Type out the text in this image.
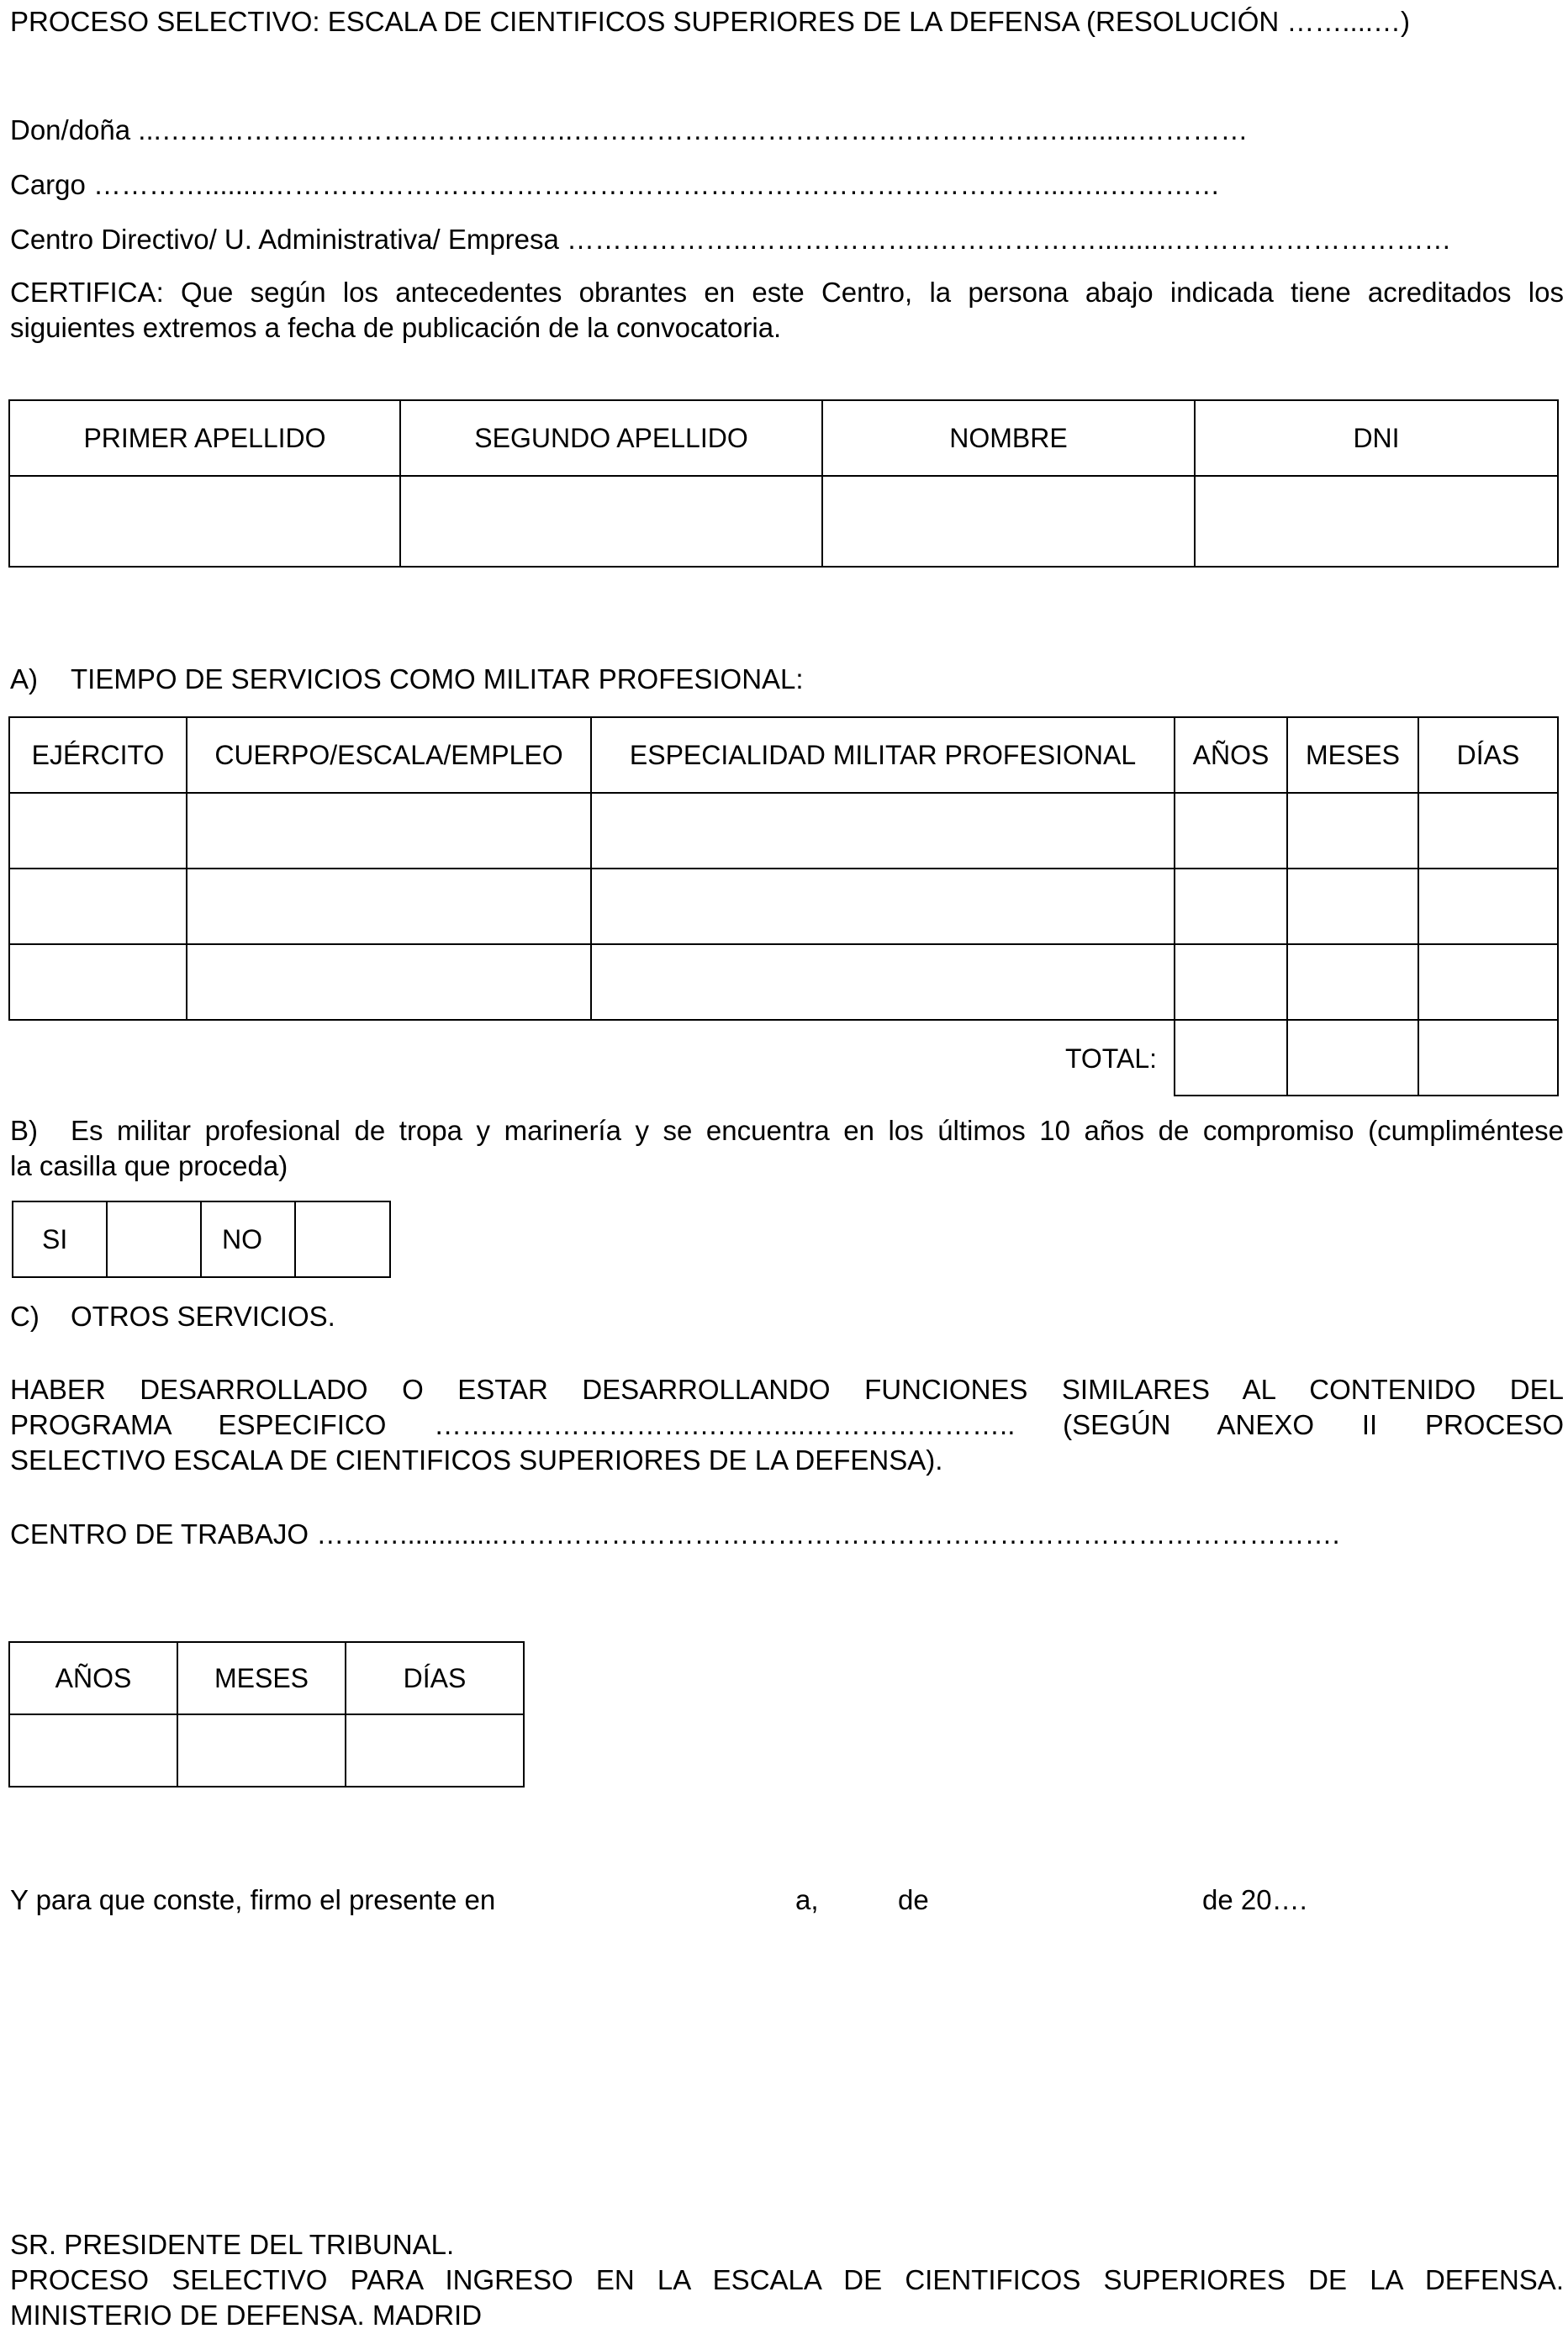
PROCESO SELECTIVO: ESCALA DE CIENTIFICOS SUPERIORES DE LA DEFENSA (RESOLUCIÓN ……....…)
Don/doña ...……………………….……………..……………………………….…………..….........…………
Cargo …………........…………………………………………………………………………...…..…………
Centro Directivo/ U. Administrativa/ Empresa ………………..………………..………………..........…………………………
CERTIFICA: Que según los antecedentes obrantes en este Centro, la persona abajo indicada tiene acreditados los
siguientes extremos a fecha de publicación de la convocatoria.
PRIMER APELLIDO	SEGUNDO APELLIDO	NOMBRE	DNI

A) TIEMPO DE SERVICIOS COMO MILITAR PROFESIONAL:
EJÉRCITO	CUERPO/ESCALA/EMPLEO	ESPECIALIDAD MILITAR PROFESIONAL	AÑOS	MESES	DÍAS

TOTAL:					
B) Es militar profesional de tropa y marinería y se encuentra en los últimos 10 años de compromiso (cumpliméntese
la casilla que proceda)
SI		NO	
C) OTROS SERVICIOS.
HABER DESARROLLADO O ESTAR DESARROLLANDO FUNCIONES SIMILARES AL CONTENIDO DEL
PROGRAMA ESPECIFICO …….………………….………...………………….. (SEGÚN ANEXO II PROCESO
SELECTIVO ESCALA DE CIENTIFICOS SUPERIORES DE LA DEFENSA).
CENTRO DE TRABAJO ……….............……………………………………………………………………………….
AÑOS	MESES	DÍAS

Y para que conste, firmo el presente en	a,	de	de 20….
SR. PRESIDENTE DEL TRIBUNAL.
PROCESO SELECTIVO PARA INGRESO EN LA ESCALA DE CIENTIFICOS SUPERIORES DE LA DEFENSA.
MINISTERIO DE DEFENSA. MADRID
